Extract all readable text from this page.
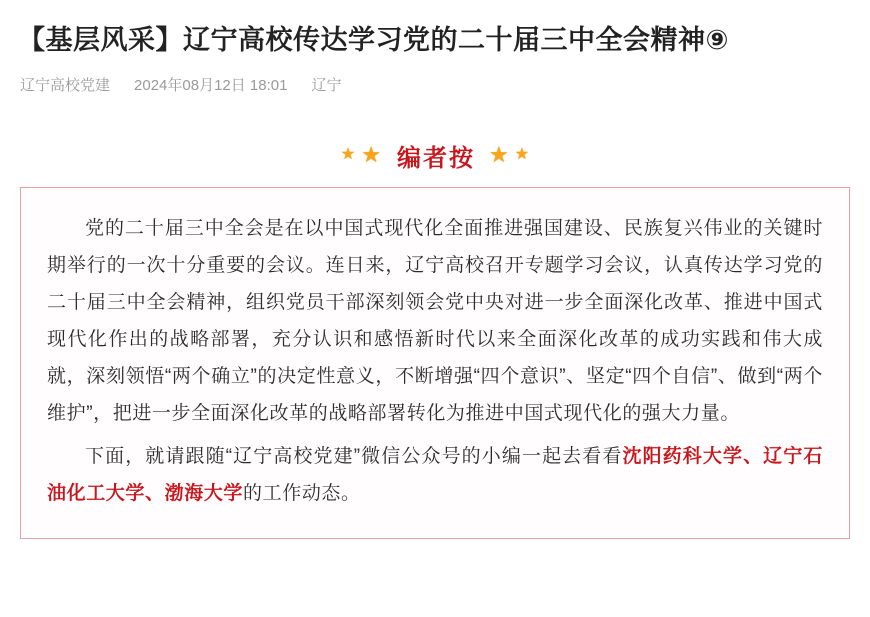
【基层风采】辽宁高校传达学习党的二十届三中全会精神⑨
辽宁高校党建 2024年08月12日 18:01 辽宁
★ ★ 编者按 ★ ★

党的二十届三中全会是在以中国式现代化全面推进强国建设、民族复兴伟业的关键时期举行的一次十分重要的会议。连日来，辽宁高校召开专题学习会议，认真传达学习党的二十届三中全会精神，组织党员干部深刻领会党中央对进一步全面深化改革、推进中国式现代化作出的战略部署，充分认识和感悟新时代以来全面深化改革的成功实践和伟大成就，深刻领悟“两个确立”的决定性意义，不断增强“四个意识”、坚定“四个自信”、做到“两个维护”，把进一步全面深化改革的战略部署转化为推进中国式现代化的强大力量。

下面，就请跟随“辽宁高校党建”微信公众号的小编一起去看看沈阳药科大学、辽宁石油化工大学、渤海大学的工作动态。
